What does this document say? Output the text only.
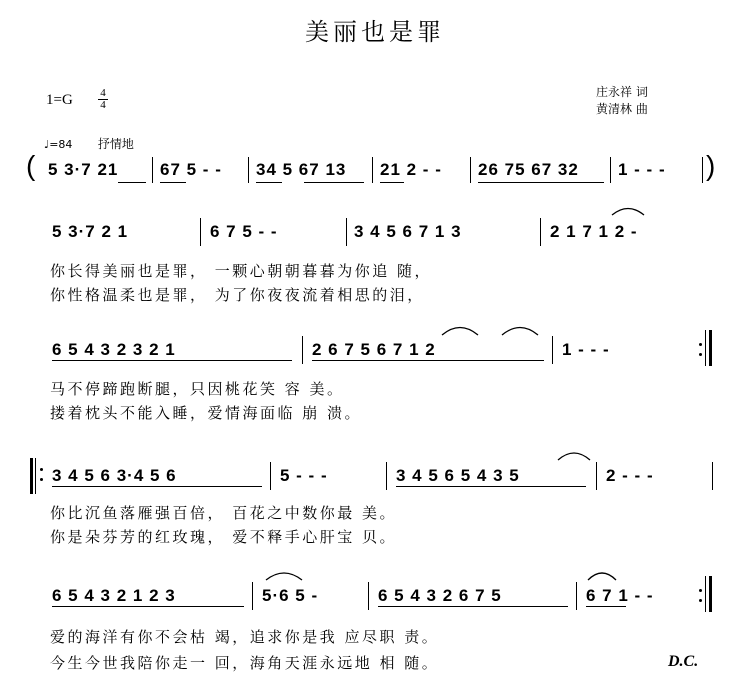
美丽也是罪
1=G	4
4
庄永祥 词
黄清林 曲
♩=84 抒情地
( 5 3·7 21 67 5 - - 34 5 67 13 21 2 - - 26 75 67 32 1 - - - )
5 3·7 2 1	6 7 5 - -	3 4 5 6 7 1 3	2 1 7 1 2 -
你长得美丽也是罪， 一颗心朝朝暮暮为你追 随，
你性格温柔也是罪， 为了你夜夜流着相思的泪，
6 5 4 3 2 3 2 1	2 6 7 5 6 7 1 2	1 - - -
马不停蹄跑断腿，只因桃花笑 容 美。
搂着枕头不能入睡，爱情海面临 崩 溃。
3 4 5 6 3·4 5 6	5 - - -	3 4 5 6 5 4 3 5	2 - - -
你比沉鱼落雁强百倍， 百花之中数你最 美。
你是朵芬芳的红玫瑰， 爱不释手心肝宝 贝。
6 5 4 3 2 1 2 3	5·6 5 -	6 5 4 3 2 6 7 5	6 7 1 - -
爱的海洋有你不会枯 竭，追求你是我 应尽职 责。
今生今世我陪你走一 回，海角天涯永远地 相 随。	D.C.
